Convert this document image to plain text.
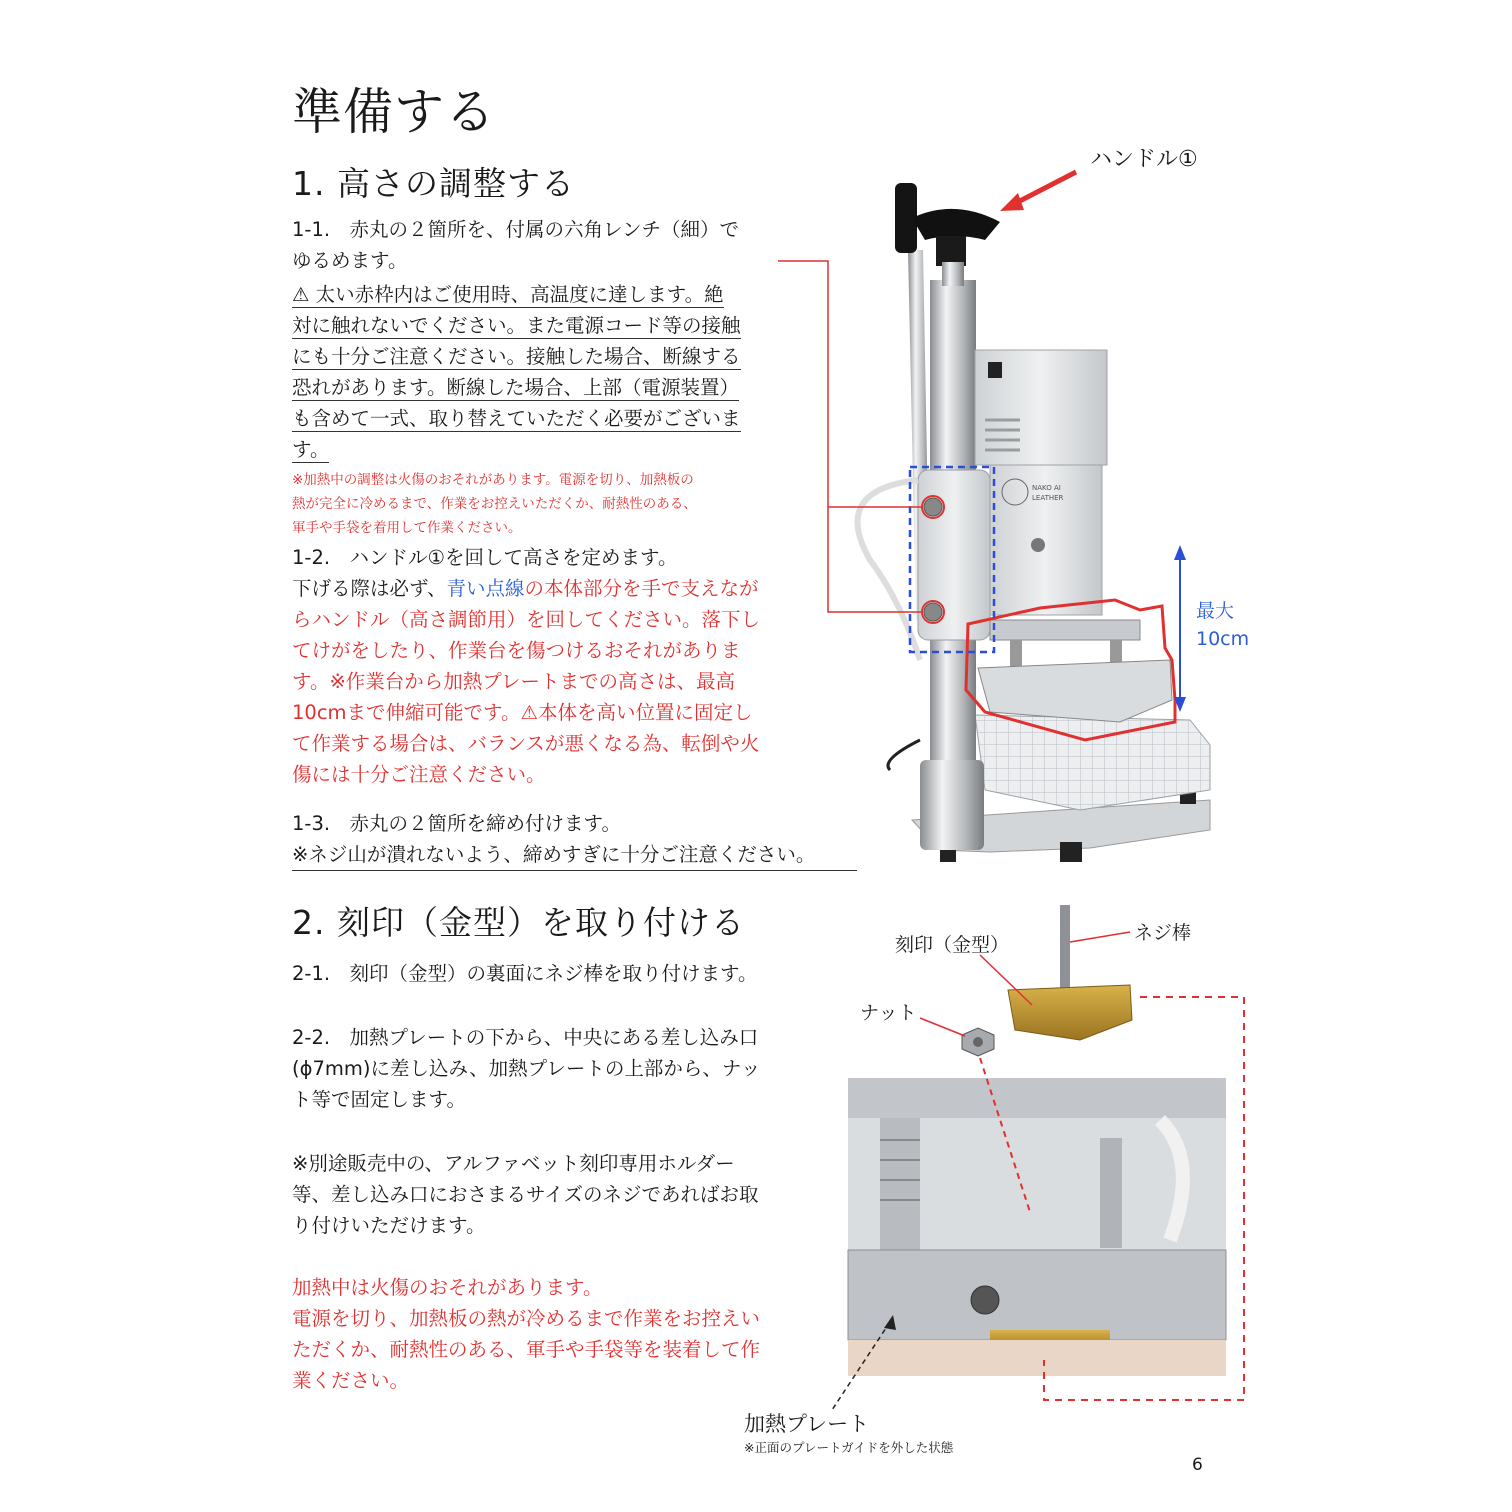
準備する
1. 高さの調整する
1-1.　赤丸の２箇所を、付属の六角レンチ（細）で
ゆるめます。
⚠ 太い赤枠内はご使用時、高温度に達します。絶
対に触れないでください。また電源コード等の接触
にも十分ご注意ください。接触した場合、断線する
恐れがあります。断線した場合、上部（電源装置）
も含めて一式、取り替えていただく必要がございま
す。
※加熱中の調整は火傷のおそれがあります。電源を切り、加熱板の
熱が完全に冷めるまで、作業をお控えいただくか、耐熱性のある、
軍手や手袋を着用して作業ください。
1-2.　ハンドル①を回して高さを定めます。
下げる際は必ず、青い点線の本体部分を手で支えなが
らハンドル（高さ調節用）を回してください。落下し
てけがをしたり、作業台を傷つけるおそれがありま
す。※作業台から加熱プレートまでの高さは、最高
10cmまで伸縮可能です。⚠本体を高い位置に固定し
て作業する場合は、バランスが悪くなる為、転倒や火
傷には十分ご注意ください。
1-3.　赤丸の２箇所を締め付けます。
※ネジ山が潰れないよう、締めすぎに十分ご注意ください。
2. 刻印（金型）を取り付ける
2-1.　刻印（金型）の裏面にネジ棒を取り付けます。
2-2.　加熱プレートの下から、中央にある差し込み口
(ϕ7mm)に差し込み、加熱プレートの上部から、ナッ
ト等で固定します。
※別途販売中の、アルファベット刻印専用ホルダー
等、差し込み口におさまるサイズのネジであればお取
り付けいただけます。
加熱中は火傷のおそれがあります。
電源を切り、加熱板の熱が冷めるまで作業をお控えい
ただくか、耐熱性のある、軍手や手袋等を装着して作
業ください。
NAKO AI
LEATHER
ハンドル①
最大
10cm
刻印（金型）
ネジ棒
ナット
加熱プレート
※正面のプレートガイドを外した状態
6
